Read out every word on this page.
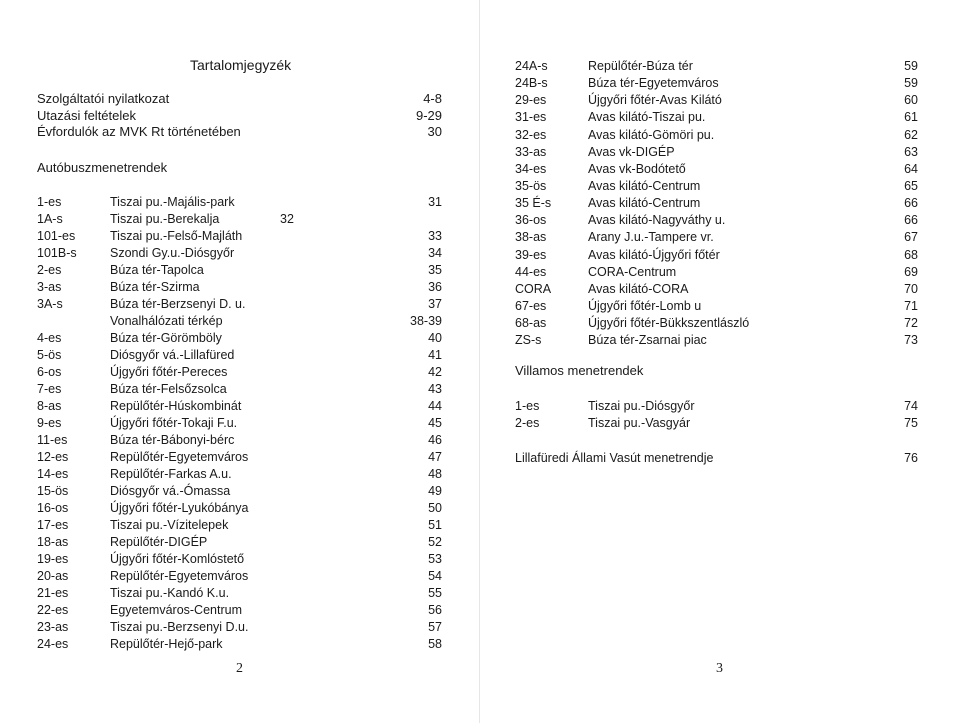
Tartalomjegyzék
Szolgáltatói nyilatkozat	4-8
Utazási feltételek	9-29
Évfordulók az MVK Rt történetében	30
Autóbuszmenetrendek
1-es	Tiszai pu.-Majális-park	31
1A-s	Tiszai pu.-Berekalja	32
101-es	Tiszai pu.-Felső-Majláth	33
101B-s	Szondi Gy.u.-Diósgyőr	34
2-es	Búza tér-Tapolca	35
3-as	Búza tér-Szirma	36
3A-s	Búza tér-Berzsenyi D. u.	37
Vonalhálózati térkép	38-39
4-es	Búza tér-Görömböly	40
5-ös	Diósgyőr vá.-Lillafüred	41
6-os	Újgyőri főtér-Pereces	42
7-es	Búza tér-Felsőzsolca	43
8-as	Repülőtér-Húskombinát	44
9-es	Újgyőri főtér-Tokaji F.u.	45
11-es	Búza tér-Bábonyi-bérc	46
12-es	Repülőtér-Egyetemváros	47
14-es	Repülőtér-Farkas A.u.	48
15-ös	Diósgyőr vá.-Ómassa	49
16-os	Újgyőri főtér-Lyukóbánya	50
17-es	Tiszai pu.-Vízitelepek	51
18-as	Repülőtér-DIGÉP	52
19-es	Újgyőri főtér-Komlóstető	53
20-as	Repülőtér-Egyetemváros	54
21-es	Tiszai pu.-Kandó K.u.	55
22-es	Egyetemváros-Centrum	56
23-as	Tiszai pu.-Berzsenyi D.u.	57
24-es	Repülőtér-Hejő-park	58
2	3
24A-s	Repülőtér-Búza tér	59
24B-s	Búza tér-Egyetemváros	59
29-es	Újgyőri főtér-Avas Kilátó	60
31-es	Avas kilátó-Tiszai pu.	61
32-es	Avas kilátó-Gömöri pu.	62
33-as	Avas vk-DIGÉP	63
34-es	Avas vk-Bodótető	64
35-ös	Avas kilátó-Centrum	65
35 É-s	Avas kilátó-Centrum	66
36-os	Avas kilátó-Nagyváthy u.	66
38-as	Arany J.u.-Tampere vr.	67
39-es	Avas kilátó-Újgyőri főtér	68
44-es	CORA-Centrum	69
CORA	Avas kilátó-CORA	70
67-es	Újgyőri főtér-Lomb u	71
68-as	Újgyőri főtér-Bükkszentlászló	72
ZS-s	Búza tér-Zsarnai piac	73
Villamos menetrendek
1-es	Tiszai pu.-Diósgyőr	74
2-es	Tiszai pu.-Vasgyár	75
Lillafüredi Állami Vasút menetrendje	76
